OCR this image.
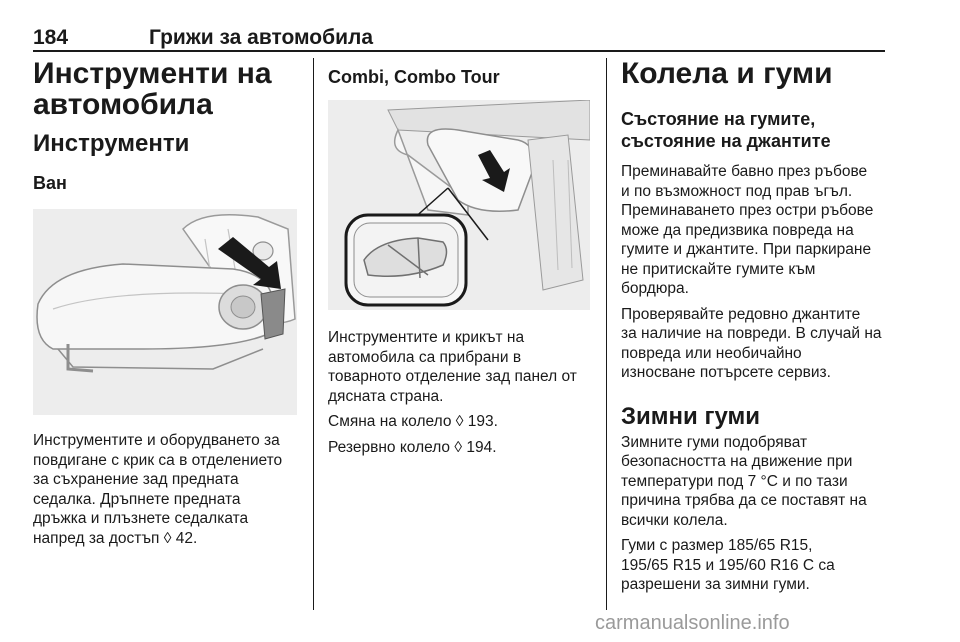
184	Грижи за автомобила
Инструменти на
автомобила
Инструменти
Ван
Инструментите и оборудването за
повдигане с крик са в отделението
за съхранение зад предната
седалка. Дръпнете предната
дръжка и плъзнете седалката
напред за достъп ◊ 42.
Combi, Combo Tour
Инструментите и крикът на
автомобила са прибрани в
товарното отделение зад панел от
дясната страна.
Смяна на колело ◊ 193.
Резервно колело ◊ 194.
Колела и гуми
Състояние на гумите,
състояние на джантите
Преминавайте бавно през ръбове
и по възможност под прав ъгъл.
Преминаването през остри ръбове
може да предизвика повреда на
гумите и джантите. При паркиране
не притискайте гумите към
бордюра.
Проверявайте редовно джантите
за наличие на повреди. В случай на
повреда или необичайно
износване потърсете сервиз.
Зимни гуми
Зимните гуми подобряват
безопасността на движение при
температури под 7 °C и по тази
причина трябва да се поставят на
всички колела.
Гуми с размер 185/65 R15,
195/65 R15 и 195/60 R16 C са
разрешени за зимни гуми.
carmanualsonline.info
